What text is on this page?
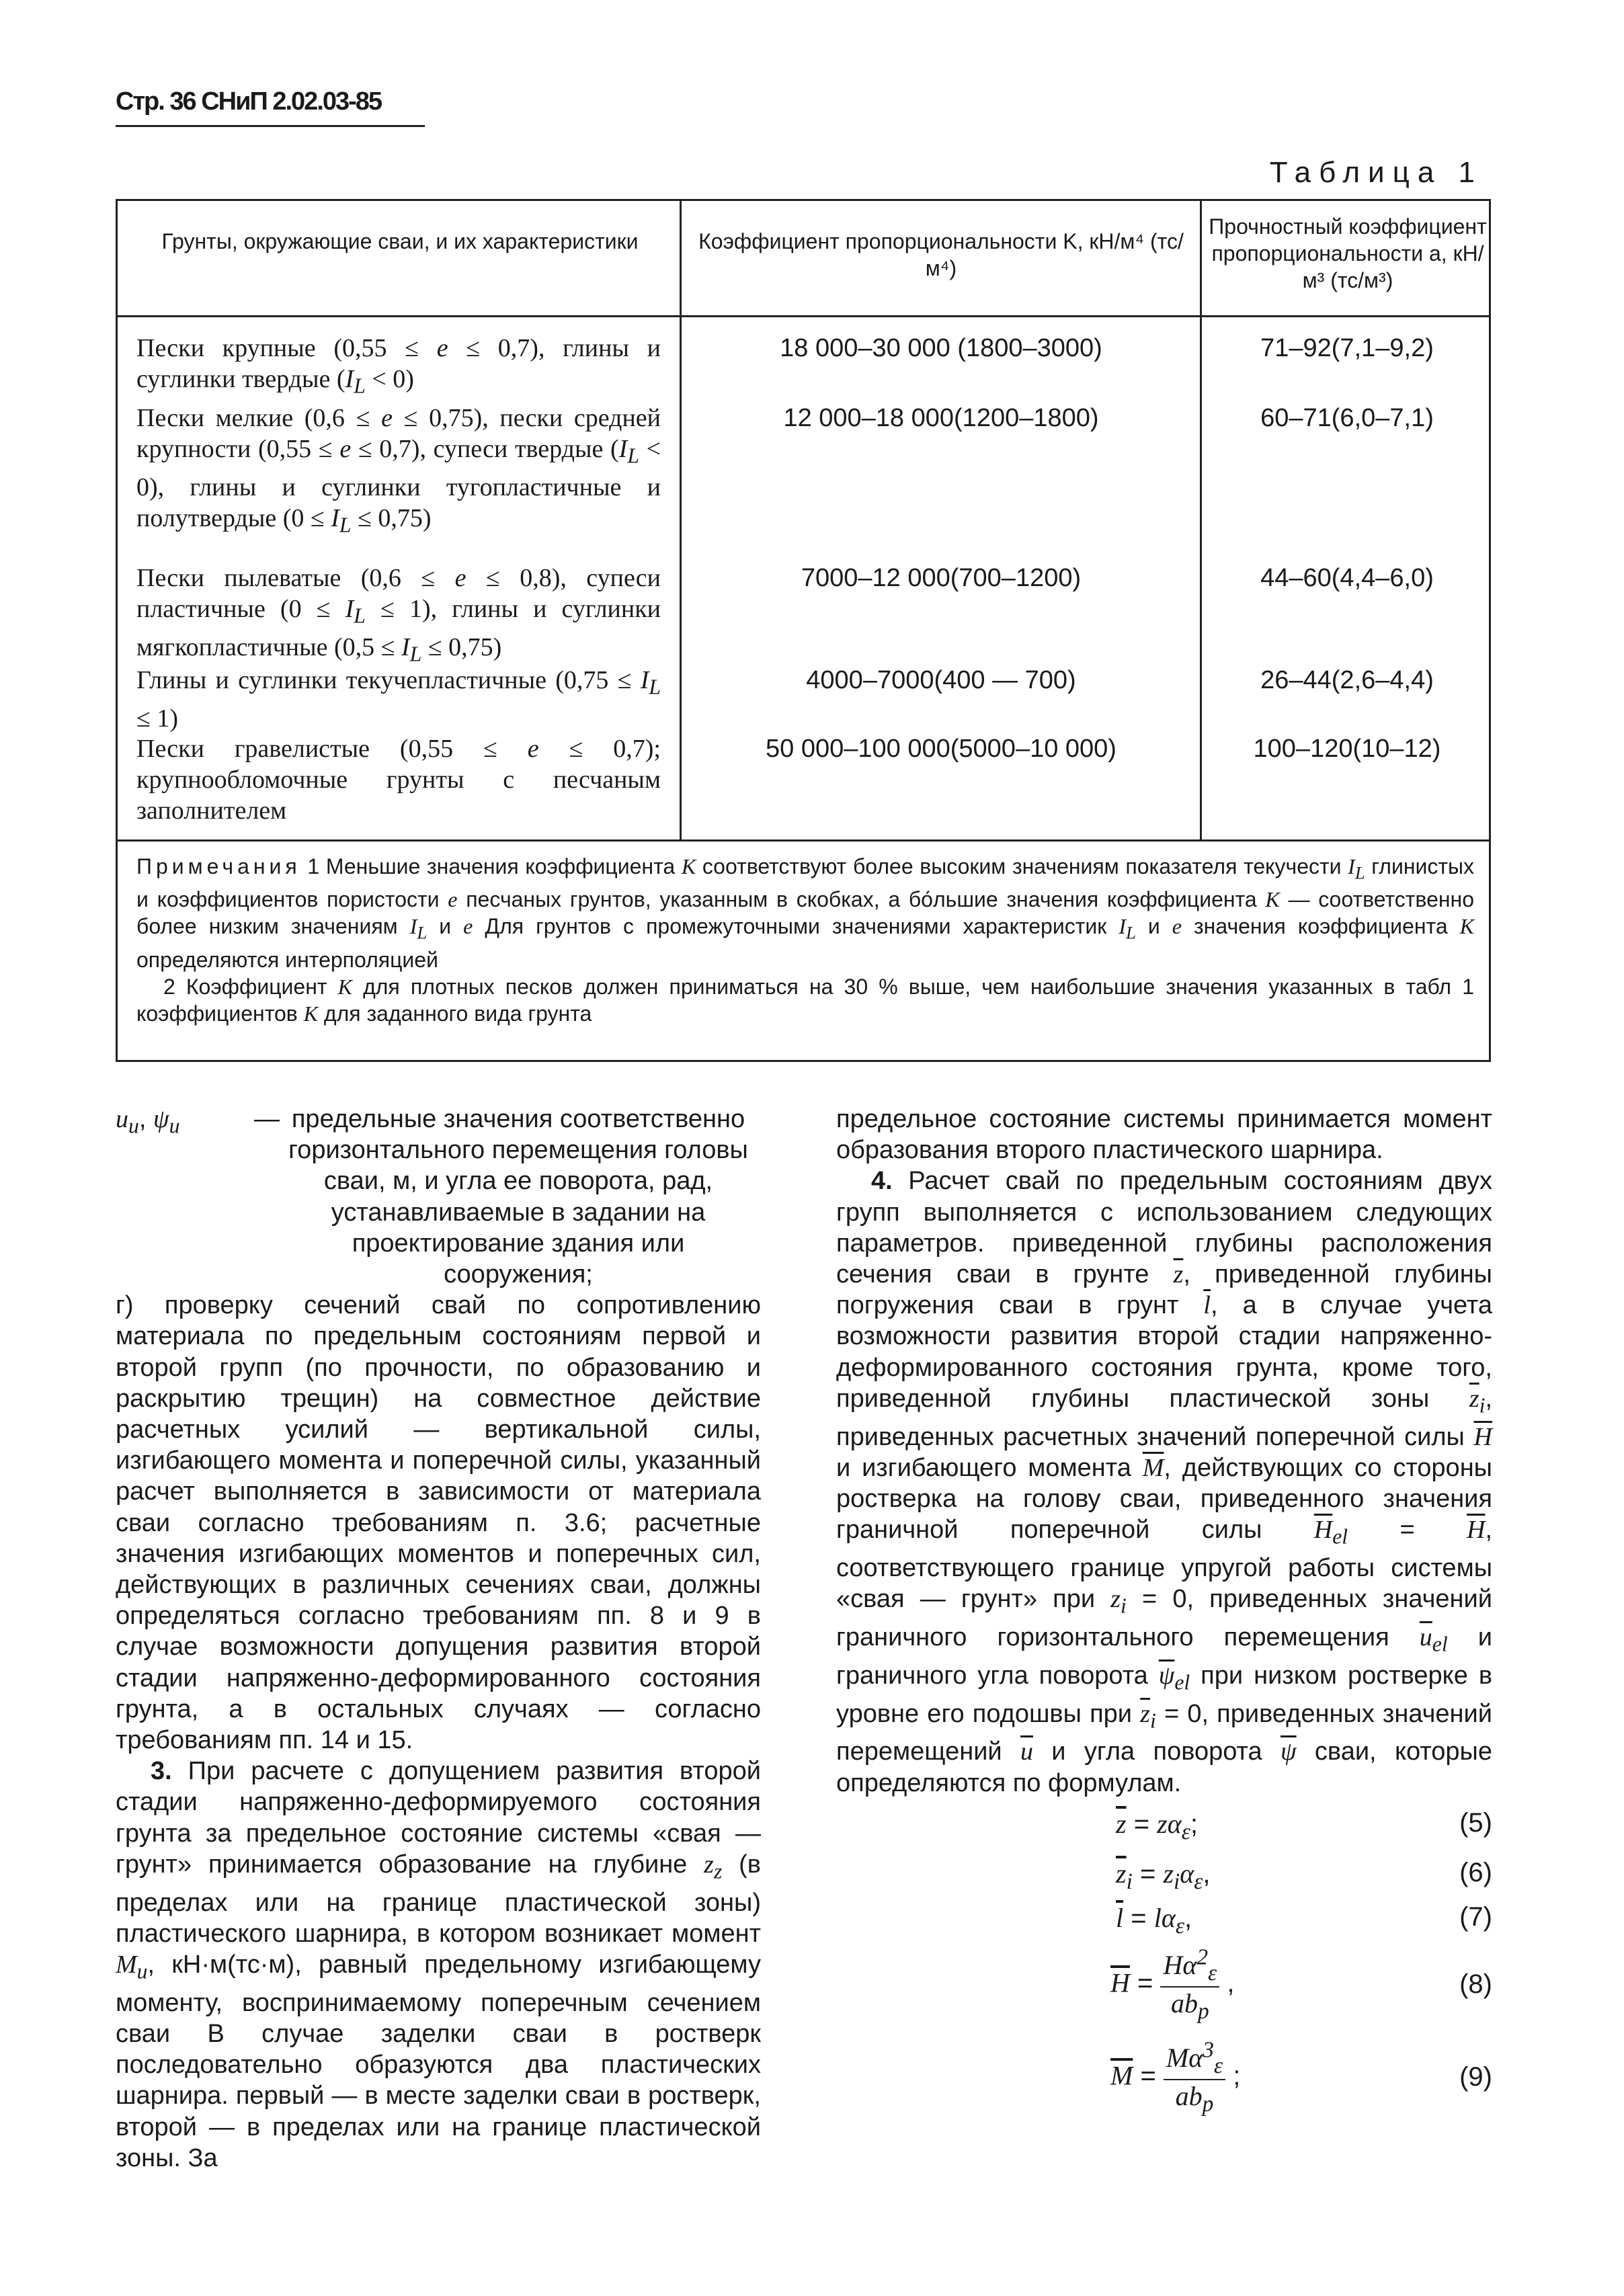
Стр. 36 СНиП 2.02.03-85
Таблица 1
Грунты, окружающие сваи, и их характеристики	Коэффициент пропорциональности K, кН/м⁴ (тс/м⁴)
Прочностный коэффициент пропорциональности a, кН/м³ (тс/м³)
Пески крупные (0,55 ≤ e ≤ 0,7), глины и суглинки твердые $(I_L < 0)$
18 000–30 000 (1800–3000)	71–92(7,1–9,2)
Пески мелкие (0,6 ≤ e ≤ 0,75), пески средней крупности (0,55 ≤ e ≤ 0,7), супеси твердые $(I_L < 0)$, глины и суглинки тугопластичные и полутвердые $(0 \le I_L \le 0,75)$
12 000–18 000(1200–1800)	60–71(6,0–7,1)
Пески пылеватые (0,6 ≤ e ≤ 0,8), супеси пластичные $(0 \le I_L \le 1)$, глины и суглинки мягкопластичные $(0,5 \le I_L \le 0,75)$
7000–12 000(700–1200)	44–60(4,4–6,0)
Глины и суглинки текучепластичные $(0,75 \le I_L \le 1)$
4000–7000(400 — 700)	26–44(2,6–4,4)
Пески гравелистые (0,55 ≤ e ≤ 0,7); крупнообломочные грунты с песчаным заполнителем
50 000–100 000(5000–10 000)	100–120(10–12)
Примечания 1 Меньшие значения коэффициента K соответствуют более высоким значениям показателя текучести $I_L$ глинистых и коэффициентов пористости e песчаных грунтов, указанным в скобках, а бо́льшие значения коэффициента K — соответственно более низким значениям $I_L$ и e Для грунтов с промежуточными значениями характеристик $I_L$ и e значения коэффициента K определяются интерполяцией
2 Коэффициент K для плотных песков должен приниматься на 30 % выше, чем наибольшие значения указанных в табл 1 коэффициентов K для заданного вида грунта
$u_u$, $\psi_u$	— предельные значения соответственно горизонтального перемещения головы сваи, м, и угла ее поворота, рад, устанавливаемые в задании на проектирование здания или сооружения;

г) проверку сечений свай по сопротивлению материала по предельным состояниям первой и второй групп (по прочности, по образованию и раскрытию трещин) на совместное действие расчетных усилий — вертикальной силы, изгибающего момента и поперечной силы, указанный расчет выполняется в зависимости от материала сваи согласно требованиям п. 3.6; расчетные значения изгибающих моментов и поперечных сил, действующих в различных сечениях сваи, должны определяться согласно требованиям пп. 8 и 9 в случае возможности допущения развития второй стадии напряженно-деформированного состояния грунта, а в остальных случаях — согласно требованиям пп. 14 и 15.

3. При расчете с допущением развития второй стадии напряженно-деформируемого состояния грунта за предельное состояние системы «свая — грунт» принимается образование на глубине $z_z$ (в пределах или на границе пластической зоны) пластического шарнира, в котором возникает момент $M_u$, кН·м(тс·м), равный предельному изгибающему моменту, воспринимаемому поперечным сечением сваи В случае заделки сваи в ростверк последовательно образуются два пластических шарнира. первый — в месте заделки сваи в ростверк, второй — в пределах или на границе пластической зоны. За

предельное состояние системы принимается момент образования второго пластического шарнира.

4. Расчет свай по предельным состояниям двух групп выполняется с использованием следующих параметров. приведенной глубины расположения сечения сваи в грунте $\overline{z}$, приведенной глубины погружения сваи в грунт $\overline{l}$, а в случае учета возможности развития второй стадии напряженно-деформированного состояния грунта, кроме того, приведенной глубины пластической зоны $\overline{z}_i$, приведенных расчетных значений поперечной силы $\overline{H}$ и изгибающего момента $\overline{M}$, действующих со стороны ростверка на голову сваи, приведенного значения граничной поперечной силы $\overline{H}_{el} = \overline{H}$, соответствующего границе упругой работы системы «свая — грунт» при $z_i = 0$, приведенных значений граничного горизонтального перемещения $\overline{u}_{el}$ и граничного угла поворота $\overline{\psi}_{el}$ при низком ростверке в уровне его подошвы при $\overline{z}_i = 0$, приведенных значений перемещений $\overline{u}$ и угла поворота $\overline{\psi}$ сваи, которые определяются по формулам.

$\overline{z} = z\alpha_\varepsilon$;	(5)
$\overline{z}_i = z_i\alpha_\varepsilon$,	(6)
$\overline{l} = l\alpha_\varepsilon$,	(7)
$\overline{H} = \frac{H\alpha^2_\varepsilon}{ab_p}$ ,	(8)
$\overline{M} = \frac{M\alpha^3_\varepsilon}{ab_p}$ ;	(9)
